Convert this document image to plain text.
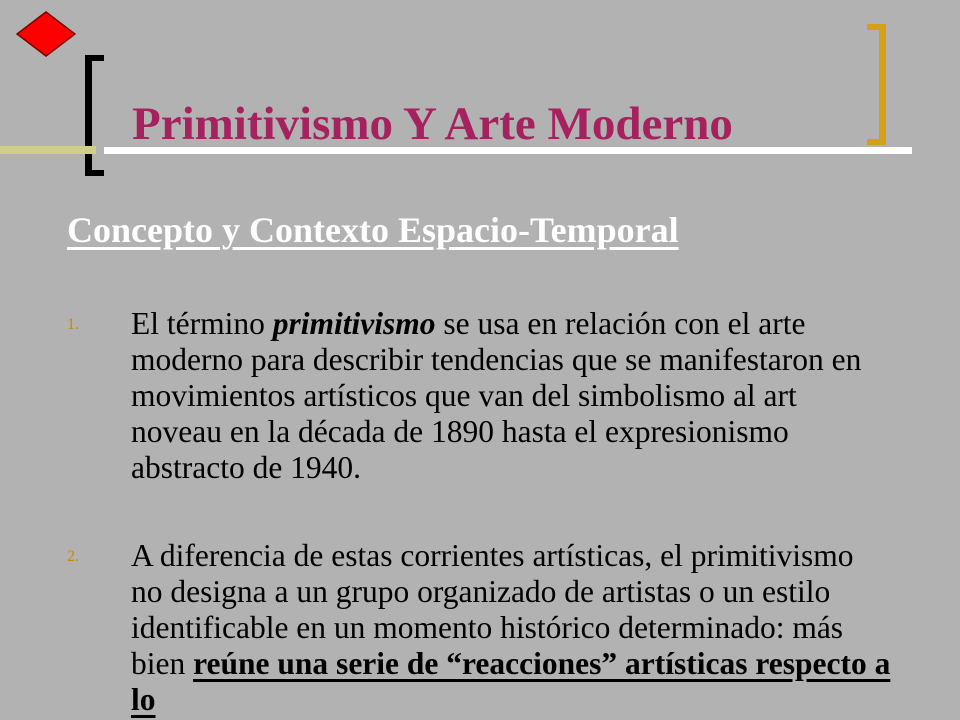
Primitivismo Y Arte Moderno
Concepto y Contexto Espacio-Temporal
1. El término primitivismo se usa en relación con el arte moderno para describir tendencias que se manifestaron en movimientos artísticos que van del simbolismo al art noveau en la década de 1890 hasta el expresionismo abstracto de 1940.

2. A diferencia de estas corrientes artísticas, el primitivismo no designa a un grupo organizado de artistas o un estilo identificable en un momento histórico determinado: más bien reúne una serie de “reacciones” artísticas respecto a lo
